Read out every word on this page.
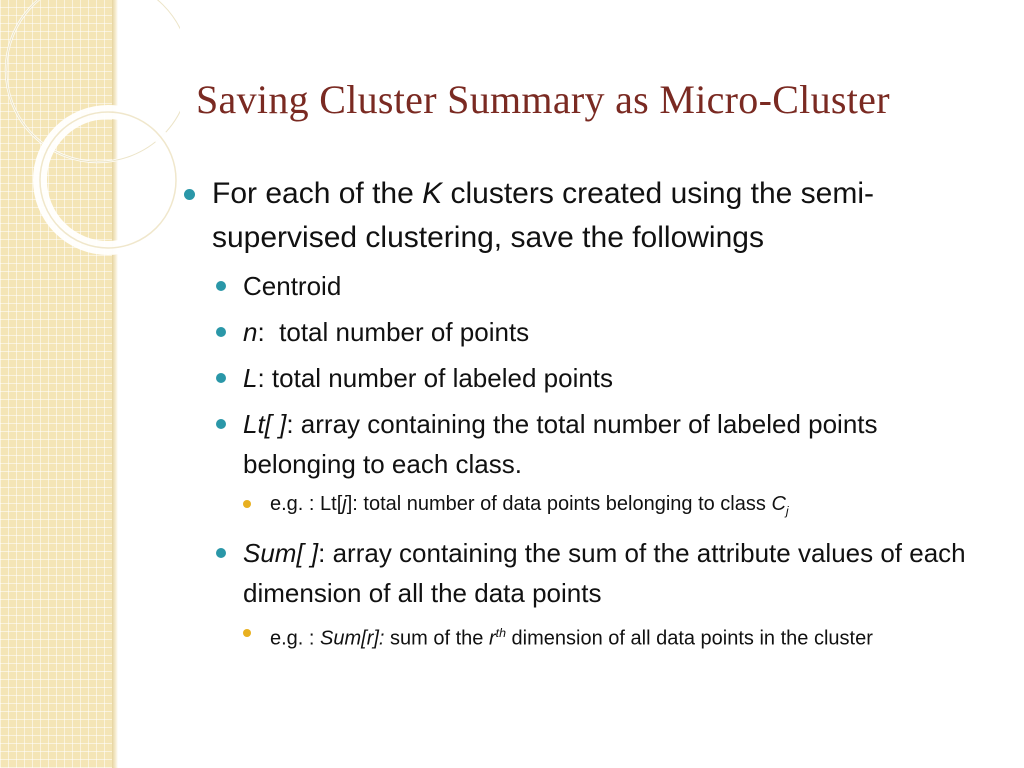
Saving Cluster Summary as Micro-Cluster
For each of the K clusters created using the semi-supervised clustering, save the followings
Centroid
n:  total number of points
L: total number of labeled points
Lt[ ]: array containing the total number of labeled points belonging to each class.
e.g. : Lt[j]: total number of data points belonging to class $C_j$
Sum[ ]: array containing the sum of the attribute values of each dimension of all the data points
e.g. : Sum[r]: sum of the $r^{th}$ dimension of all data points in the cluster
